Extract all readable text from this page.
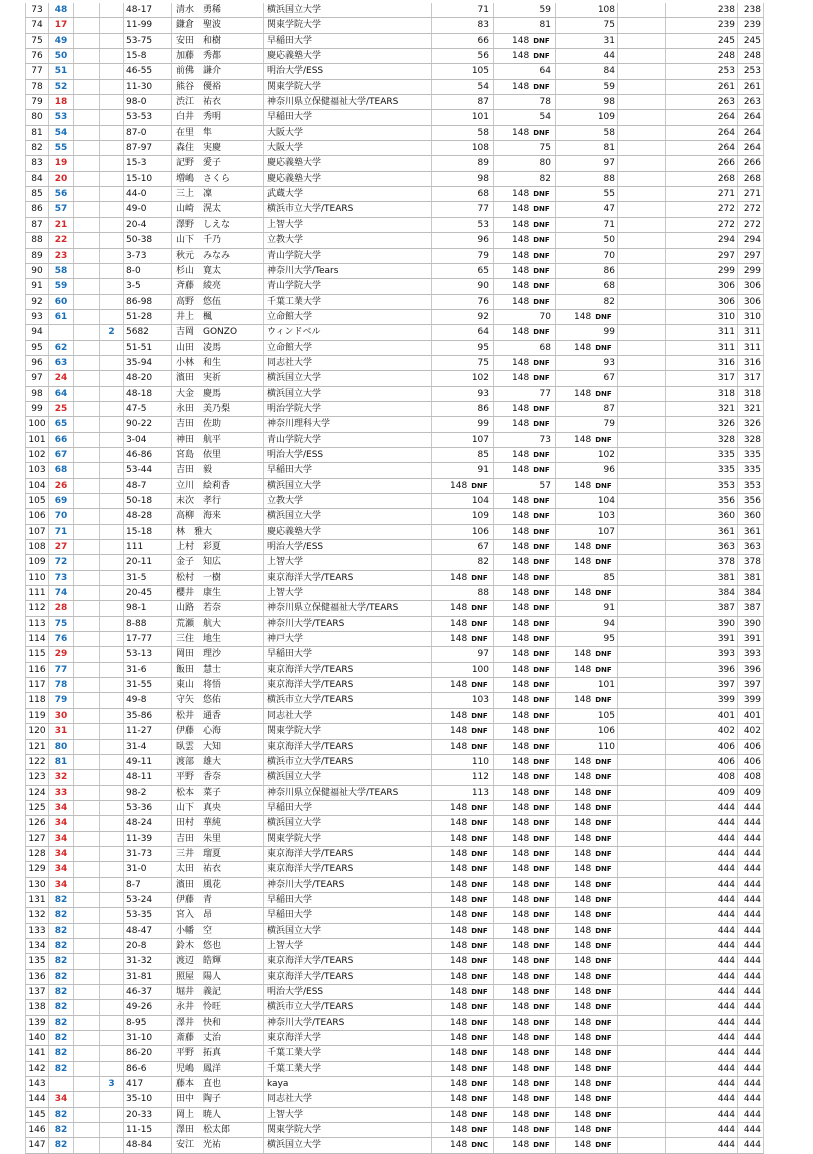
73	48			48-17	清水　勇稀	横浜国立大学	71	59	108		238	238
74	17			11-99	鎌倉　聖波	関東学院大学	83	81	75		239	239
75	49			53-75	安田　和樹	早稲田大学	66	148 DNF	31		245	245
76	50			15-8	加藤　秀都	慶応義塾大学	56	148 DNF	44		248	248
77	51			46-55	前佛　謙介	明治大学/ESS	105	64	84		253	253
78	52			11-30	熊谷　優裕	関東学院大学	54	148 DNF	59		261	261
79	18			98-0	渋江　祐衣	神奈川県立保健福祉大学/TEARS	87	78	98		263	263
80	53			53-53	白井　秀明	早稲田大学	101	54	109		264	264
81	54			87-0	在里　隼	大阪大学	58	148 DNF	58		264	264
82	55			87-97	森住　実慶	大阪大学	108	75	81		264	264
83	19			15-3	記野　愛子	慶応義塾大学	89	80	97		266	266
84	20			15-10	増嶋　さくら	慶応義塾大学	98	82	88		268	268
85	56			44-0	三上　凜	武蔵大学	68	148 DNF	55		271	271
86	57			49-0	山崎　滉太	横浜市立大学/TEARS	77	148 DNF	47		272	272
87	21			20-4	澤野　しえな	上智大学	53	148 DNF	71		272	272
88	22			50-38	山下　千乃	立教大学	96	148 DNF	50		294	294
89	23			3-73	秋元　みなみ	青山学院大学	79	148 DNF	70		297	297
90	58			8-0	杉山　寛太	神奈川大学/Tears	65	148 DNF	86		299	299
91	59			3-5	斉藤　綾亮	青山学院大学	90	148 DNF	68		306	306
92	60			86-98	高野　悠伍	千葉工業大学	76	148 DNF	82		306	306
93	61			51-28	井上　楓	立命館大学	92	70	148 DNF		310	310
94			2	5682	吉岡　GONZO	ウィンドベル	64	148 DNF	99		311	311
95	62			51-51	山田　凌馬	立命館大学	95	68	148 DNF		311	311
96	63			35-94	小林　和生	同志社大学	75	148 DNF	93		316	316
97	24			48-20	濱田　実祈	横浜国立大学	102	148 DNF	67		317	317
98	64			48-18	大金　慶馬	横浜国立大学	93	77	148 DNF		318	318
99	25			47-5	永田　美乃梨	明治学院大学	86	148 DNF	87		321	321
100	65			90-22	吉田　佐助	神奈川理科大学	99	148 DNF	79		326	326
101	66			3-04	神田　航平	青山学院大学	107	73	148 DNF		328	328
102	67			46-86	宮島　依里	明治大学/ESS	85	148 DNF	102		335	335
103	68			53-44	吉田　毅	早稲田大学	91	148 DNF	96		335	335
104	26			48-7	立川　絵莉香	横浜国立大学	148 DNF	57	148 DNF		353	353
105	69			50-18	末次　孝行	立教大学	104	148 DNF	104		356	356
106	70			48-28	高柳　海来	横浜国立大学	109	148 DNF	103		360	360
107	71			15-18	林　雅大	慶応義塾大学	106	148 DNF	107		361	361
108	27			111	上村　彩夏	明治大学/ESS	67	148 DNF	148 DNF		363	363
109	72			20-11	金子　知広	上智大学	82	148 DNF	148 DNF		378	378
110	73			31-5	松村　一樹	東京海洋大学/TEARS	148 DNF	148 DNF	85		381	381
111	74			20-45	櫻井　康生	上智大学	88	148 DNF	148 DNF		384	384
112	28			98-1	山路　若奈	神奈川県立保健福祉大学/TEARS	148 DNF	148 DNF	91		387	387
113	75			8-88	荒瀬　航大	神奈川大学/TEARS	148 DNF	148 DNF	94		390	390
114	76			17-77	三住　地生	神戸大学	148 DNF	148 DNF	95		391	391
115	29			53-13	岡田　理沙	早稲田大学	97	148 DNF	148 DNF		393	393
116	77			31-6	飯田　慧士	東京海洋大学/TEARS	100	148 DNF	148 DNF		396	396
117	78			31-55	東山　将悟	東京海洋大学/TEARS	148 DNF	148 DNF	101		397	397
118	79			49-8	守矢　悠佑	横浜市立大学/TEARS	103	148 DNF	148 DNF		399	399
119	30			35-86	松井　通香	同志社大学	148 DNF	148 DNF	105		401	401
120	31			11-27	伊藤　心海	関東学院大学	148 DNF	148 DNF	106		402	402
121	80			31-4	臥雲　大知	東京海洋大学/TEARS	148 DNF	148 DNF	110		406	406
122	81			49-11	渡部　雄大	横浜市立大学/TEARS	110	148 DNF	148 DNF		406	406
123	32			48-11	平野　香奈	横浜国立大学	112	148 DNF	148 DNF		408	408
124	33			98-2	松本　菜子	神奈川県立保健福祉大学/TEARS	113	148 DNF	148 DNF		409	409
125	34			53-36	山下　真央	早稲田大学	148 DNF	148 DNF	148 DNF		444	444
126	34			48-24	田村　華純	横浜国立大学	148 DNF	148 DNF	148 DNF		444	444
127	34			11-39	吉田　朱里	関東学院大学	148 DNF	148 DNF	148 DNF		444	444
128	34			31-73	三井　瑠夏	東京海洋大学/TEARS	148 DNF	148 DNF	148 DNF		444	444
129	34			31-0	太田　祐衣	東京海洋大学/TEARS	148 DNF	148 DNF	148 DNF		444	444
130	34			8-7	濱田　風花	神奈川大学/TEARS	148 DNF	148 DNF	148 DNF		444	444
131	82			53-24	伊藤　青	早稲田大学	148 DNF	148 DNF	148 DNF		444	444
132	82			53-35	宮入　昂	早稲田大学	148 DNF	148 DNF	148 DNF		444	444
133	82			48-47	小幡　空	横浜国立大学	148 DNF	148 DNF	148 DNF		444	444
134	82			20-8	鈴木　悠也	上智大学	148 DNF	148 DNF	148 DNF		444	444
135	82			31-32	渡辺　皓輝	東京海洋大学/TEARS	148 DNF	148 DNF	148 DNF		444	444
136	82			31-81	照屋　陽人	東京海洋大学/TEARS	148 DNF	148 DNF	148 DNF		444	444
137	82			46-37	堀井　義記	明治大学/ESS	148 DNF	148 DNF	148 DNF		444	444
138	82			49-26	永井　怜旺	横浜市立大学/TEARS	148 DNF	148 DNF	148 DNF		444	444
139	82			8-95	澤井　快和	神奈川大学/TEARS	148 DNF	148 DNF	148 DNF		444	444
140	82			31-10	斎藤　丈治	東京海洋大学	148 DNF	148 DNF	148 DNF		444	444
141	82			86-20	平野　拓真	千葉工業大学	148 DNF	148 DNF	148 DNF		444	444
142	82			86-6	児嶋　鳳洋	千葉工業大学	148 DNF	148 DNF	148 DNF		444	444
143			3	417	藤本　直也	kaya	148 DNF	148 DNF	148 DNF		444	444
144	34			35-10	田中　陶子	同志社大学	148 DNF	148 DNF	148 DNF		444	444
145	82			20-33	岡上　暁人	上智大学	148 DNF	148 DNF	148 DNF		444	444
146	82			11-15	澤田　松太郎	関東学院大学	148 DNF	148 DNF	148 DNF		444	444
147	82			48-84	安江　光祐	横浜国立大学	148 DNC	148 DNF	148 DNF		444	444
